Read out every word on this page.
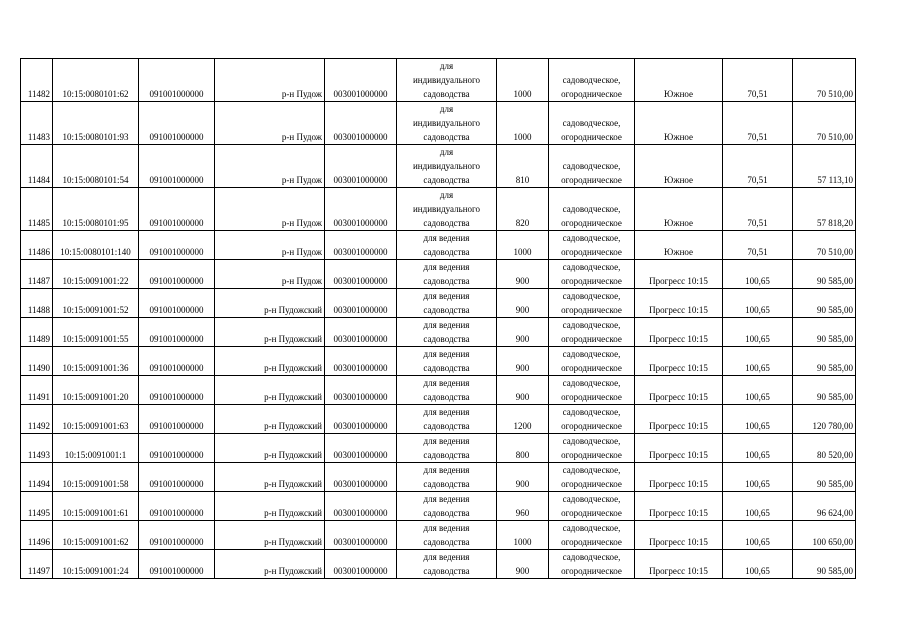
11482	10:15:0080101:62	091001000000	р-н Пудож	003001000000	для
индивидуального
садоводства	1000	садоводческое,
огородническое	Южное	70,51	70 510,00
11483	10:15:0080101:93	091001000000	р-н Пудож	003001000000	для
индивидуального
садоводства	1000	садоводческое,
огородническое	Южное	70,51	70 510,00
11484	10:15:0080101:54	091001000000	р-н Пудож	003001000000	для
индивидуального
садоводства	810	садоводческое,
огородническое	Южное	70,51	57 113,10
11485	10:15:0080101:95	091001000000	р-н Пудож	003001000000	для
индивидуального
садоводства	820	садоводческое,
огородническое	Южное	70,51	57 818,20
11486	10:15:0080101:140	091001000000	р-н Пудож	003001000000	для ведения
садоводства	1000	садоводческое,
огородническое	Южное	70,51	70 510,00
11487	10:15:0091001:22	091001000000	р-н Пудож	003001000000	для ведения
садоводства	900	садоводческое,
огородническое	Прогресс 10:15	100,65	90 585,00
11488	10:15:0091001:52	091001000000	р-н Пудожский	003001000000	для ведения
садоводства	900	садоводческое,
огородническое	Прогресс 10:15	100,65	90 585,00
11489	10:15:0091001:55	091001000000	р-н Пудожский	003001000000	для ведения
садоводства	900	садоводческое,
огородническое	Прогресс 10:15	100,65	90 585,00
11490	10:15:0091001:36	091001000000	р-н Пудожский	003001000000	для ведения
садоводства	900	садоводческое,
огородническое	Прогресс 10:15	100,65	90 585,00
11491	10:15:0091001:20	091001000000	р-н Пудожский	003001000000	для ведения
садоводства	900	садоводческое,
огородническое	Прогресс 10:15	100,65	90 585,00
11492	10:15:0091001:63	091001000000	р-н Пудожский	003001000000	для ведения
садоводства	1200	садоводческое,
огородническое	Прогресс 10:15	100,65	120 780,00
11493	10:15:0091001:1	091001000000	р-н Пудожский	003001000000	для ведения
садоводства	800	садоводческое,
огородническое	Прогресс 10:15	100,65	80 520,00
11494	10:15:0091001:58	091001000000	р-н Пудожский	003001000000	для ведения
садоводства	900	садоводческое,
огородническое	Прогресс 10:15	100,65	90 585,00
11495	10:15:0091001:61	091001000000	р-н Пудожский	003001000000	для ведения
садоводства	960	садоводческое,
огородническое	Прогресс 10:15	100,65	96 624,00
11496	10:15:0091001:62	091001000000	р-н Пудожский	003001000000	для ведения
садоводства	1000	садоводческое,
огородническое	Прогресс 10:15	100,65	100 650,00
11497	10:15:0091001:24	091001000000	р-н Пудожский	003001000000	для ведения
садоводства	900	садоводческое,
огородническое	Прогресс 10:15	100,65	90 585,00
